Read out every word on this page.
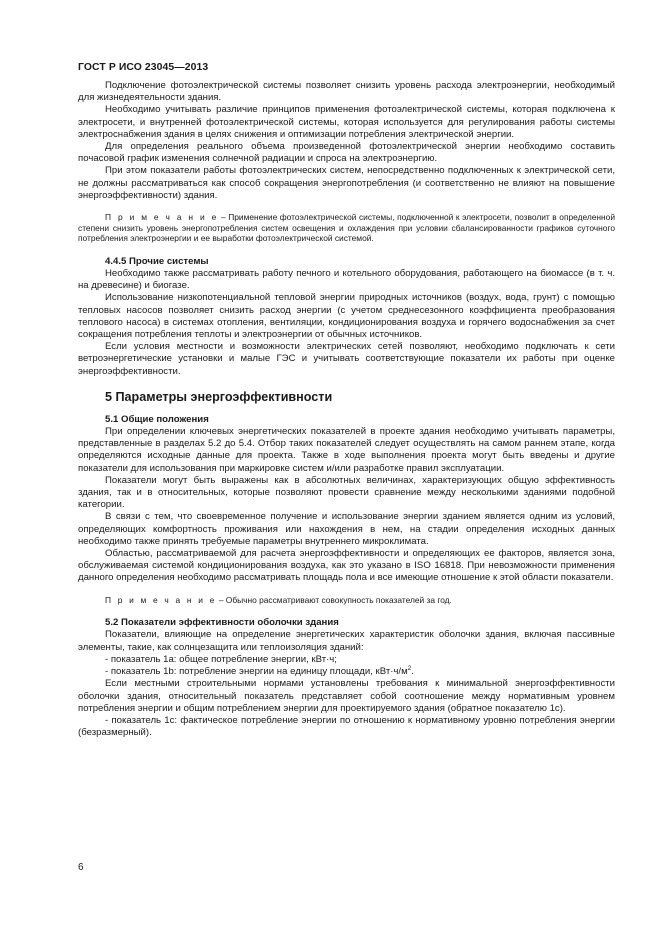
ГОСТ Р ИСО 23045—2013

Подключение фотоэлектрической системы позволяет снизить уровень расхода электроэнергии, необходимый для жизнедеятельности здания.

Необходимо учитывать различие принципов применения фотоэлектрической системы, которая подключена к электросети, и внутренней фотоэлектрической системы, которая используется для регулирования работы системы электроснабжения здания в целях снижения и оптимизации потребления электрической энергии.

Для определения реального объема произведенной фотоэлектрической энергии необходимо составить почасовой график изменения солнечной радиации и спроса на электроэнергию.

При этом показатели работы фотоэлектрических систем, непосредственно подключенных к электрической сети, не должны рассматриваться как способ сокращения энергопотребления (и соответственно не влияют на повышение энергоэффективности) здания.

П р и м е ч а н и е – Применение фотоэлектрической системы, подключенной к электросети, позволит в определенной степени снизить уровень энергопотребления систем освещения и охлаждения при условии сбалансированности графиков суточного потребления электроэнергии и ее выработки фотоэлектрической системой.

4.4.5 Прочие системы

Необходимо также рассматривать работу печного и котельного оборудования, работающего на биомассе (в т. ч. на древесине) и биогазе.

Использование низкопотенциальной тепловой энергии природных источников (воздух, вода, грунт) с помощью тепловых насосов позволяет снизить расход энергии (с учетом среднесезонного коэффициента преобразования теплового насоса) в системах отопления, вентиляции, кондиционирования воздуха и горячего водоснабжения за счет сокращения потребления теплоты и электроэнергии от обычных источников.

Если условия местности и возможности электрических сетей позволяют, необходимо подключать к сети ветроэнергетические установки и малые ГЭС и учитывать соответствующие показатели их работы при оценке энергоэффективности.

5 Параметры энергоэффективности
5.1 Общие положения

При определении ключевых энергетических показателей в проекте здания необходимо учитывать параметры, представленные в разделах 5.2 до 5.4. Отбор таких показателей следует осуществлять на самом раннем этапе, когда определяются исходные данные для проекта. Также в ходе выполнения проекта могут быть введены и другие показатели для использования при маркировке систем и/или разработке правил эксплуатации.

Показатели могут быть выражены как в абсолютных величинах, характеризующих общую эффективность здания, так и в относительных, которые позволяют провести сравнение между несколькими зданиями подобной категории.

В связи с тем, что своевременное получение и использование энергии зданием является одним из условий, определяющих комфортность проживания или нахождения в нем, на стадии определения исходных данных необходимо также принять требуемые параметры внутреннего микроклимата.

Областью, рассматриваемой для расчета энергоэффективности и определяющих ее факторов, является зона, обслуживаемая системой кондиционирования воздуха, как это указано в ISO 16818. При невозможности применения данного определения необходимо рассматривать площадь пола и все имеющие отношение к этой области показатели.

П р и м е ч а н и е – Обычно рассматривают совокупность показателей за год.

5.2 Показатели эффективности оболочки здания

Показатели, влияющие на определение энергетических характеристик оболочки здания, включая пассивные элементы, такие, как солнцезащита или теплоизоляция зданий:

- показатель 1a: общее потребление энергии, кВт·ч;

- показатель 1b: потребление энергии на единицу площади, $кВт\cdot ч/м^2$.

Если местными строительными нормами установлены требования к минимальной энергоэффективности оболочки здания, относительный показатель представляет собой соотношение между нормативным уровнем потребления энергии и общим потреблением энергии для проектируемого здания (обратное показателю 1c).

- показатель 1c: фактическое потребление энергии по отношению к нормативному уровню потребления энергии (безразмерный).

6
